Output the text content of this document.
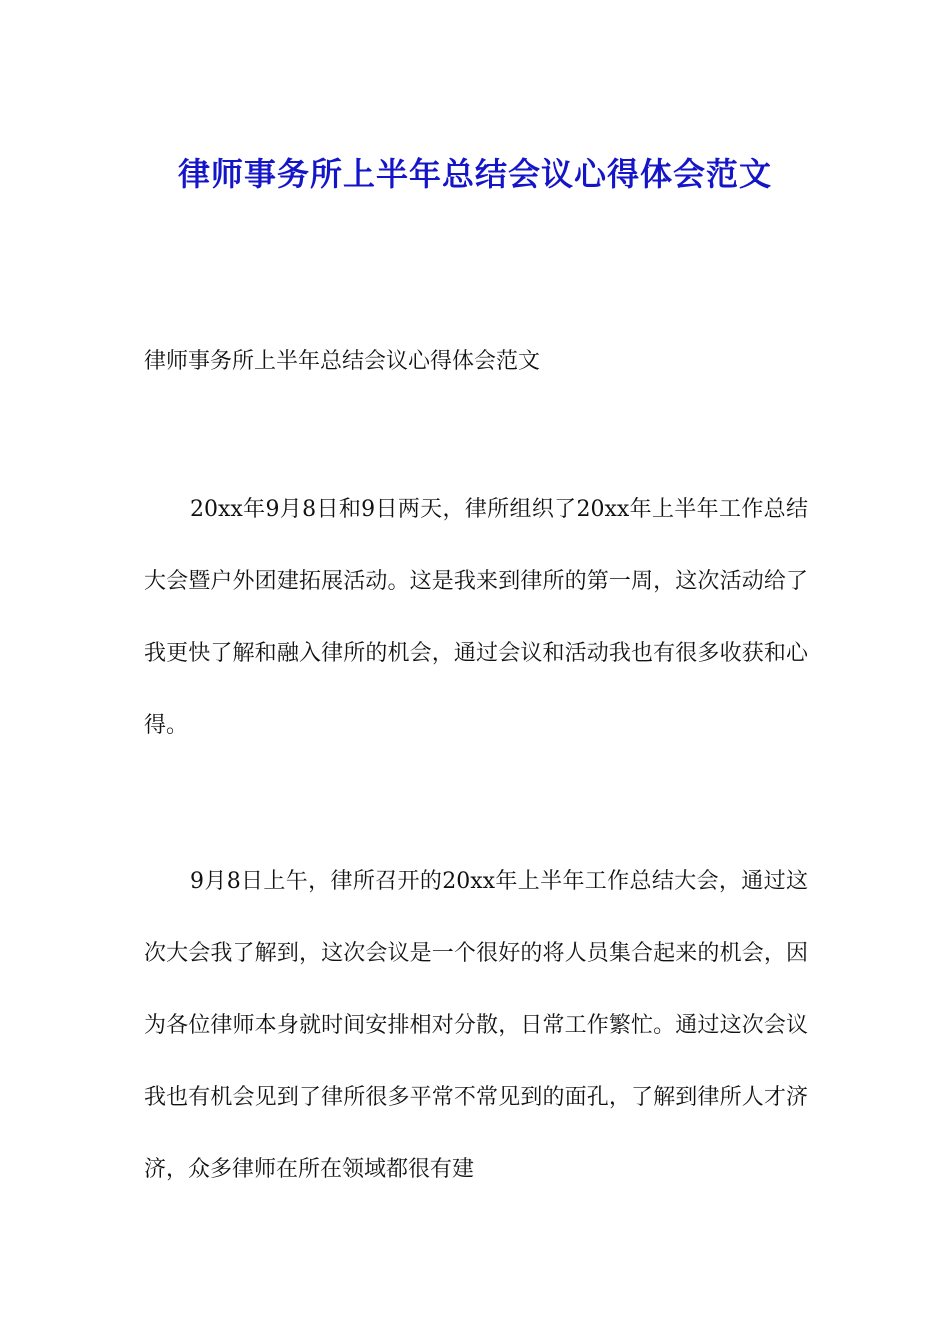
律师事务所上半年总结会议心得体会范文

律师事务所上半年总结会议心得体会范文

20xx年9月8日和9日两天，律所组织了20xx年上半年工作总结大会暨户外团建拓展活动。这是我来到律所的第一周，这次活动给了我更快了解和融入律所的机会，通过会议和活动我也有很多收获和心得。

9月8日上午，律所召开的20xx年上半年工作总结大会，通过这次大会我了解到，这次会议是一个很好的将人员集合起来的机会，因为各位律师本身就时间安排相对分散，日常工作繁忙。通过这次会议我也有机会见到了律所很多平常不常见到的面孔，了解到律所人才济济，众多律师在所在领域都很有建
